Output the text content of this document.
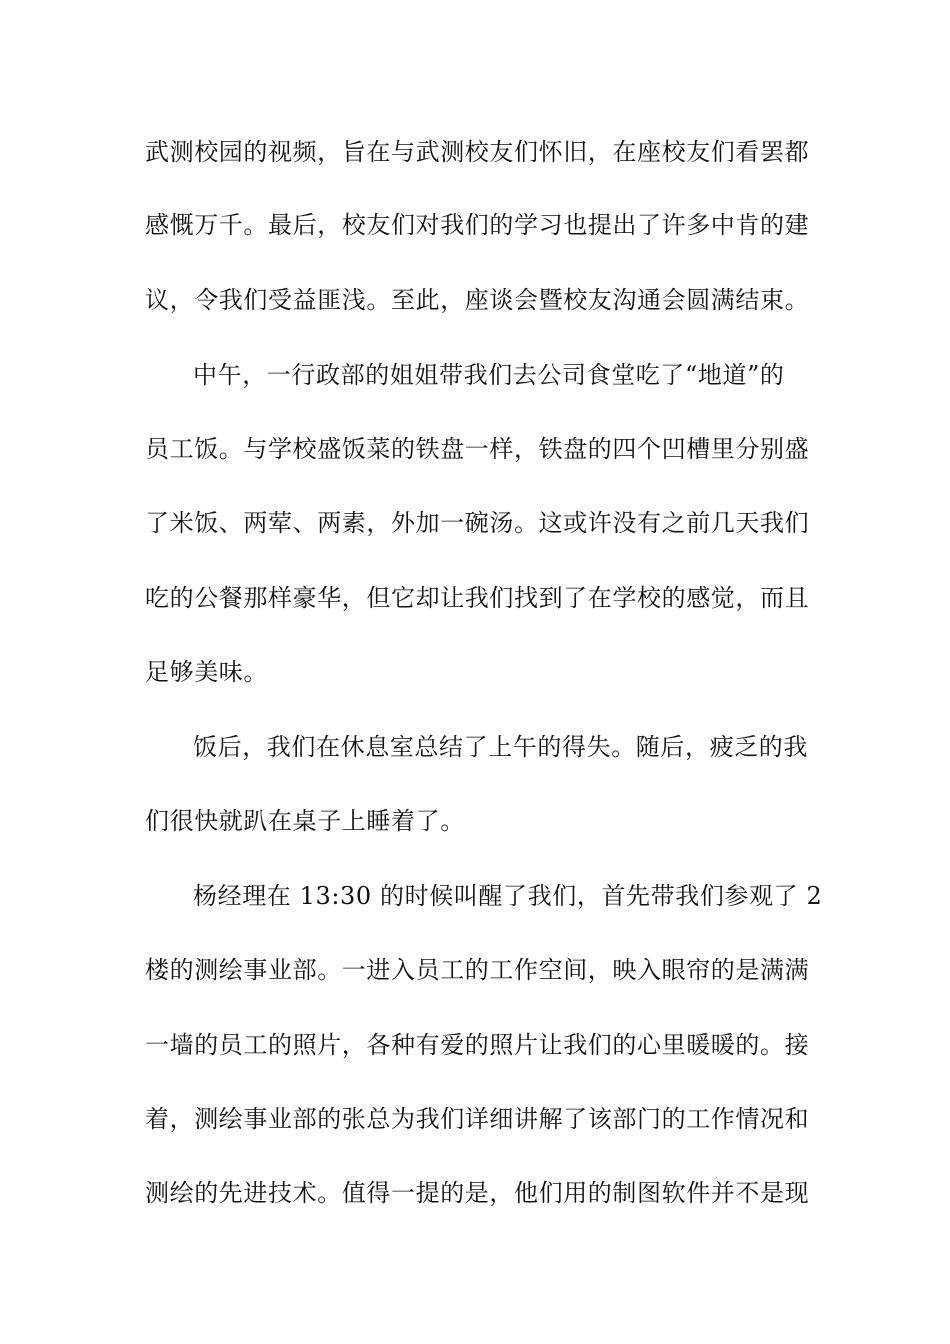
武测校园的视频，旨在与武测校友们怀旧，在座校友们看罢都
感慨万千。最后，校友们对我们的学习也提出了许多中肯的建
议，令我们受益匪浅。至此，座谈会暨校友沟通会圆满结束。
中午，一行政部的姐姐带我们去公司食堂吃了“地道”的
员工饭。与学校盛饭菜的铁盘一样，铁盘的四个凹槽里分别盛
了米饭、两荤、两素，外加一碗汤。这或许没有之前几天我们
吃的公餐那样豪华，但它却让我们找到了在学校的感觉，而且
足够美味。
饭后，我们在休息室总结了上午的得失。随后，疲乏的我
们很快就趴在桌子上睡着了。
杨经理在 13:30 的时候叫醒了我们，首先带我们参观了 2
楼的测绘事业部。一进入员工的工作空间，映入眼帘的是满满
一墙的员工的照片，各种有爱的照片让我们的心里暖暖的。接
着，测绘事业部的张总为我们详细讲解了该部门的工作情况和
测绘的先进技术。值得一提的是，他们用的制图软件并不是现
